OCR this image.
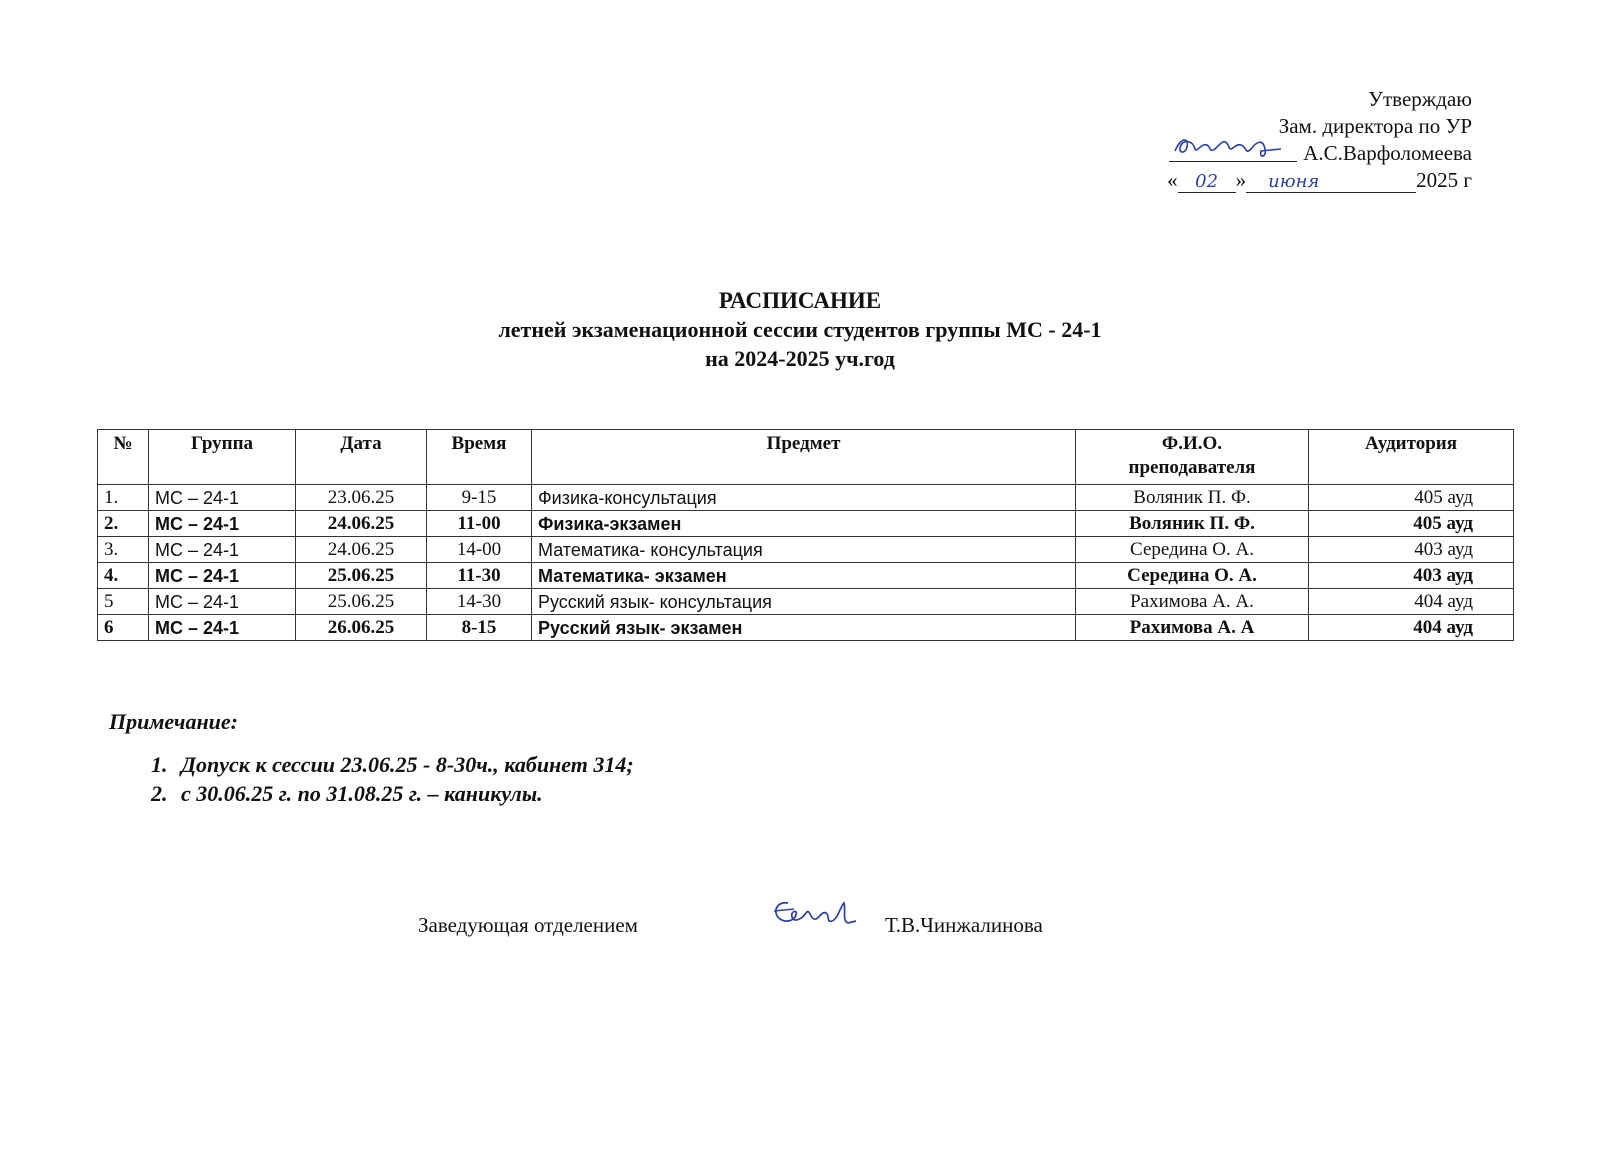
Утверждаю
Зам. директора по УР
А.С.Варфоломеева
« 02 » июня	2025 г
РАСПИСАНИЕ
летней экзаменационной сессии студентов группы МС - 24-1
на 2024-2025 уч.год
№	Группа	Дата	Время	Предмет	Ф.И.О.
преподавателя	Аудитория
1.	МС – 24-1	23.06.25	9-15	Физика-консультация	Воляник П. Ф.	405 ауд
2.	МС – 24-1	24.06.25	11-00	Физика-экзамен	Воляник П. Ф.	405 ауд
3.	МС – 24-1	24.06.25	14-00	Математика- консультация	Середина О. А.	403 ауд
4.	МС – 24-1	25.06.25	11-30	Математика- экзамен	Середина О. А.	403 ауд
5	МС – 24-1	25.06.25	14-30	Русский язык- консультация	Рахимова А. А.	404 ауд
6	МС – 24-1	26.06.25	8-15	Русский язык- экзамен	Рахимова А. А	404 ауд
Примечание:
1. Допуск к сессии 23.06.25 - 8-30ч., кабинет 314;
2. с 30.06.25 г. по 31.08.25 г. – каникулы.
Заведующая отделением	Т.В.Чинжалинова
